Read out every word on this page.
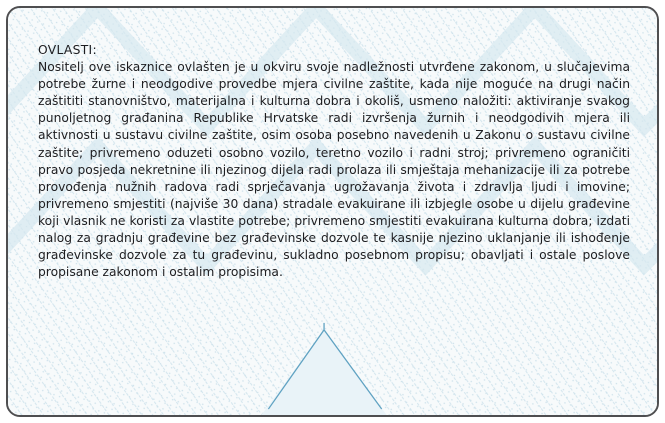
OVLASTI:

Nositelj ove iskaznice ovlašten je u okviru svoje nadležnosti utvrđene zakonom, u slučajevima potrebe žurne i neodgodive provedbe mjera civilne zaštite, kada nije moguće na drugi način zaštititi stanovništvo, materijalna i kulturna dobra i okoliš, usmeno naložiti: aktiviranje svakog punoljetnog građanina Republike Hrvatske radi izvršenja žurnih i neodgodivih mjera ili aktivnosti u sustavu civilne zaštite, osim osoba posebno navedenih u Zakonu o sustavu civilne zaštite; privremeno oduzeti osobno vozilo, teretno vozilo i radni stroj; privremeno ograničiti pravo posjeda nekretnine ili njezinog dijela radi prolaza ili smještaja mehanizacije ili za potrebe provođenja nužnih radova radi sprječavanja ugrožavanja života i zdravlja ljudi i imovine; privremeno smjestiti (najviše 30 dana) stradale evakuirane ili izbjegle osobe u dijelu građevine koji vlasnik ne koristi za vlastite potrebe; privremeno smjestiti evakuirana kulturna dobra; izdati nalog za gradnju građevine bez građevinske dozvole te kasnije njezino uklanjanje ili ishođenje građevinske dozvole za tu građevinu, sukladno posebnom propisu; obavljati i ostale poslove propisane zakonom i ostalim propisima.
